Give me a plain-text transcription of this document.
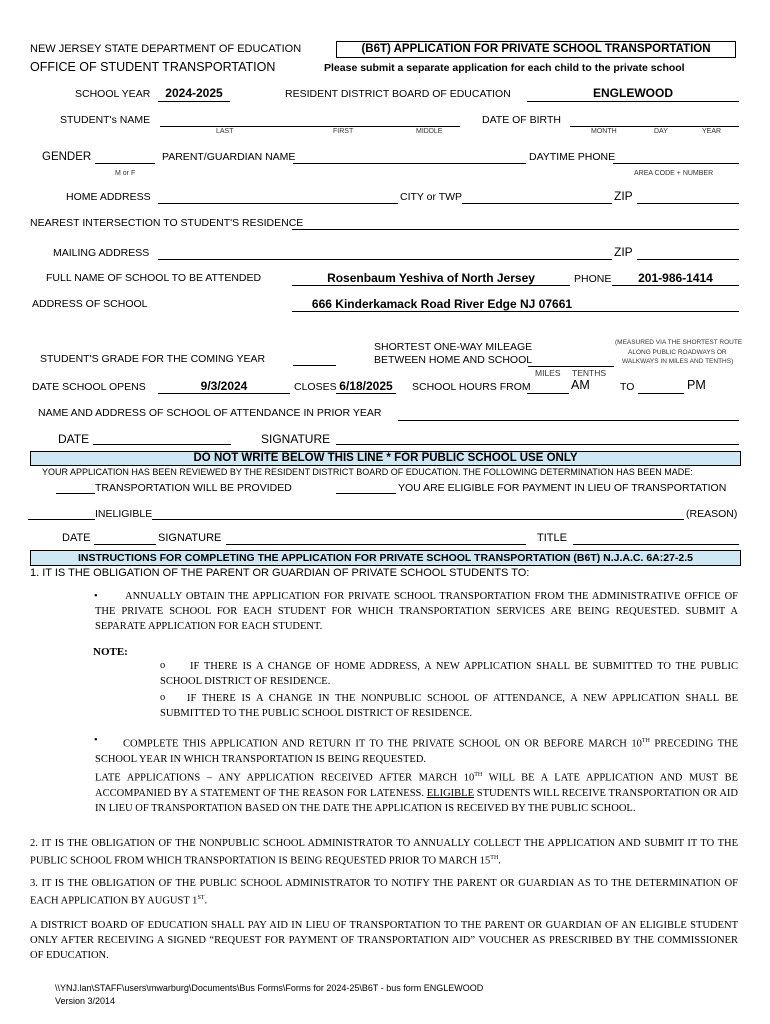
NEW JERSEY STATE DEPARTMENT OF EDUCATION
OFFICE OF STUDENT TRANSPORTATION
(B6T) APPLICATION FOR PRIVATE SCHOOL TRANSPORTATION
Please submit a separate application for each child to the private school
SCHOOL YEAR	2024-2025	RESIDENT DISTRICT BOARD OF EDUCATION	ENGLEWOOD
STUDENT's NAME
LAST	FIRST	MIDDLE
DATE OF BIRTH
MONTH	DAY	YEAR
GENDER
M or F
PARENT/GUARDIAN NAME	DAYTIME PHONE
AREA CODE + NUMBER
HOME ADDRESS	CITY or TWP	ZIP
NEAREST INTERSECTION TO STUDENT'S RESIDENCE
MAILING ADDRESS	ZIP
FULL NAME OF SCHOOL TO BE ATTENDED	Rosenbaum Yeshiva of North Jersey	PHONE	201-986-1414
ADDRESS OF SCHOOL	666 Kinderkamack Road River Edge NJ 07661
SHORTEST ONE-WAY MILEAGE
BETWEEN HOME AND SCHOOL
(MEASURED VIA THE SHORTEST ROUTE
ALONG PUBLIC ROADWAYS OR
WALKWAYS IN MILES AND TENTHS)
STUDENT'S GRADE FOR THE COMING YEAR
MILES TENTHS
DATE SCHOOL OPENS	9/3/2024	CLOSES 6/18/2025	SCHOOL HOURS FROM	AM	TO	PM
NAME AND ADDRESS OF SCHOOL OF ATTENDANCE IN PRIOR YEAR
DATE	SIGNATURE
DO NOT WRITE BELOW THIS LINE * FOR PUBLIC SCHOOL USE ONLY
YOUR APPLICATION HAS BEEN REVIEWED BY THE RESIDENT DISTRICT BOARD OF EDUCATION. THE FOLLOWING DETERMINATION HAS BEEN MADE:
TRANSPORTATION WILL BE PROVIDED	YOU ARE ELIGIBLE FOR PAYMENT IN LIEU OF TRANSPORTATION
INELIGIBLE	(REASON)
DATE	SIGNATURE	TITLE
INSTRUCTIONS FOR COMPLETING THE APPLICATION FOR PRIVATE SCHOOL TRANSPORTATION (B6T) N.J.A.C. 6A:27-2.5
1. IT IS THE OBLIGATION OF THE PARENT OR GUARDIAN OF PRIVATE SCHOOL STUDENTS TO:
•	ANNUALLY OBTAIN THE APPLICATION FOR PRIVATE SCHOOL TRANSPORTATION FROM THE ADMINISTRATIVE OFFICE OF THE PRIVATE SCHOOL FOR EACH STUDENT FOR WHICH TRANSPORTATION SERVICES ARE BEING REQUESTED. SUBMIT A SEPARATE APPLICATION FOR EACH STUDENT.
NOTE:
o	IF THERE IS A CHANGE OF HOME ADDRESS, A NEW APPLICATION SHALL BE SUBMITTED TO THE PUBLIC SCHOOL DISTRICT OF RESIDENCE.
o	IF THERE IS A CHANGE IN THE NONPUBLIC SCHOOL OF ATTENDANCE, A NEW APPLICATION SHALL BE SUBMITTED TO THE PUBLIC SCHOOL DISTRICT OF RESIDENCE.
•	COMPLETE THIS APPLICATION AND RETURN IT TO THE PRIVATE SCHOOL ON OR BEFORE MARCH 10TH PRECEDING THE SCHOOL YEAR IN WHICH TRANSPORTATION IS BEING REQUESTED.
LATE APPLICATIONS – ANY APPLICATION RECEIVED AFTER MARCH 10TH WILL BE A LATE APPLICATION AND MUST BE ACCOMPANIED BY A STATEMENT OF THE REASON FOR LATENESS. ELIGIBLE STUDENTS WILL RECEIVE TRANSPORTATION OR AID IN LIEU OF TRANSPORTATION BASED ON THE DATE THE APPLICATION IS RECEIVED BY THE PUBLIC SCHOOL.
2. IT IS THE OBLIGATION OF THE NONPUBLIC SCHOOL ADMINISTRATOR TO ANNUALLY COLLECT THE APPLICATION AND SUBMIT IT TO THE PUBLIC SCHOOL FROM WHICH TRANSPORTATION IS BEING REQUESTED PRIOR TO MARCH 15TH.
3. IT IS THE OBLIGATION OF THE PUBLIC SCHOOL ADMINISTRATOR TO NOTIFY THE PARENT OR GUARDIAN AS TO THE DETERMINATION OF EACH APPLICATION BY AUGUST 1ST.
A DISTRICT BOARD OF EDUCATION SHALL PAY AID IN LIEU OF TRANSPORTATION TO THE PARENT OR GUARDIAN OF AN ELIGIBLE STUDENT ONLY AFTER RECEIVING A SIGNED “REQUEST FOR PAYMENT OF TRANSPORTATION AID” VOUCHER AS PRESCRIBED BY THE COMMISSIONER OF EDUCATION.
\\YNJ.lan\STAFF\users\mwarburg\Documents\Bus Forms\Forms for 2024-25\B6T - bus form ENGLEWOOD
Version 3/2014
